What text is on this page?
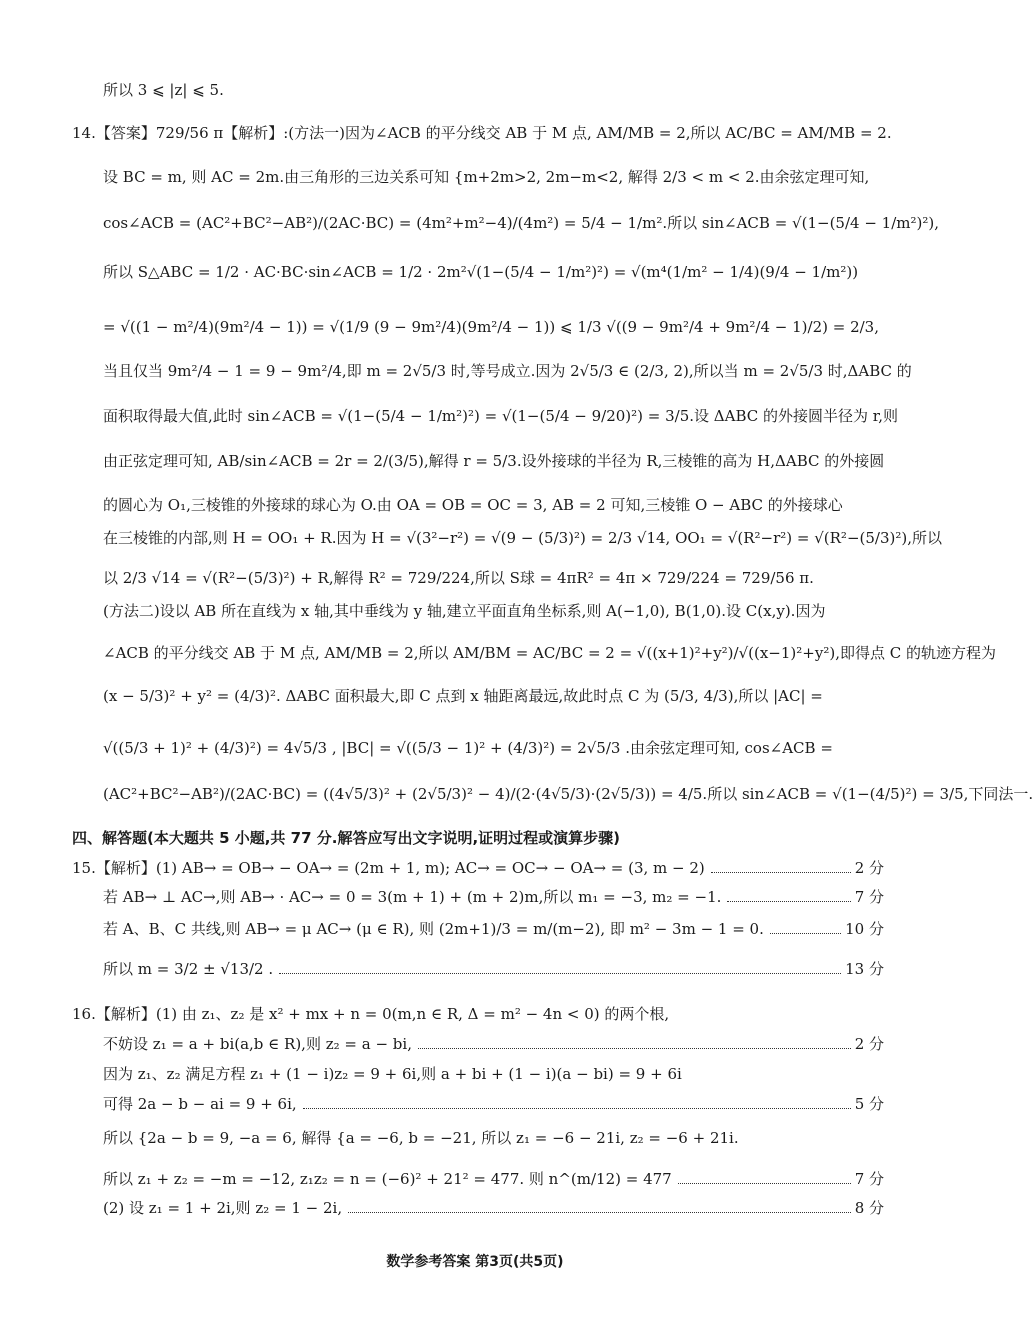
所以 3 ⩽ |z| ⩽ 5.
14.【答案】729/56 π【解析】:(方法一)因为∠ACB 的平分线交 AB 于 M 点, AM/MB = 2,所以 AC/BC = AM/MB = 2.
设 BC = m, 则 AC = 2m.由三角形的三边关系可知 {m+2m>2, 2m−m<2, 解得 2/3 < m < 2.由余弦定理可知,
cos∠ACB = (AC²+BC²−AB²)/(2AC·BC) = (4m²+m²−4)/(4m²) = 5/4 − 1/m².所以 sin∠ACB = √(1−(5/4 − 1/m²)²),
所以 S△ABC = 1/2 · AC·BC·sin∠ACB = 1/2 · 2m²√(1−(5/4 − 1/m²)²) = √(m⁴(1/m² − 1/4)(9/4 − 1/m²))
= √((1 − m²/4)(9m²/4 − 1)) = √(1/9 (9 − 9m²/4)(9m²/4 − 1)) ⩽ 1/3 √((9 − 9m²/4 + 9m²/4 − 1)/2) = 2/3,
当且仅当 9m²/4 − 1 = 9 − 9m²/4,即 m = 2√5/3 时,等号成立.因为 2√5/3 ∈ (2/3, 2),所以当 m = 2√5/3 时,ΔABC 的
面积取得最大值,此时 sin∠ACB = √(1−(5/4 − 1/m²)²) = √(1−(5/4 − 9/20)²) = 3/5.设 ΔABC 的外接圆半径为 r,则
由正弦定理可知, AB/sin∠ACB = 2r = 2/(3/5),解得 r = 5/3.设外接球的半径为 R,三棱锥的高为 H,ΔABC 的外接圆
的圆心为 O₁,三棱锥的外接球的球心为 O.由 OA = OB = OC = 3, AB = 2 可知,三棱锥 O − ABC 的外接球心
在三棱锥的内部,则 H = OO₁ + R.因为 H = √(3²−r²) = √(9 − (5/3)²) = 2/3 √14, OO₁ = √(R²−r²) = √(R²−(5/3)²),所以
以 2/3 √14 = √(R²−(5/3)²) + R,解得 R² = 729/224,所以 S球 = 4πR² = 4π × 729/224 = 729/56 π.
(方法二)设以 AB 所在直线为 x 轴,其中垂线为 y 轴,建立平面直角坐标系,则 A(−1,0), B(1,0).设 C(x,y).因为
∠ACB 的平分线交 AB 于 M 点, AM/MB = 2,所以 AM/BM = AC/BC = 2 = √((x+1)²+y²)/√((x−1)²+y²),即得点 C 的轨迹方程为
(x − 5/3)² + y² = (4/3)². ΔABC 面积最大,即 C 点到 x 轴距离最远,故此时点 C 为 (5/3, 4/3),所以 |AC| =
√((5/3 + 1)² + (4/3)²) = 4√5/3 , |BC| = √((5/3 − 1)² + (4/3)²) = 2√5/3 .由余弦定理可知, cos∠ACB =
(AC²+BC²−AB²)/(2AC·BC) = ((4√5/3)² + (2√5/3)² − 4)/(2·(4√5/3)·(2√5/3)) = 4/5.所以 sin∠ACB = √(1−(4/5)²) = 3/5,下同法一.
16.【解析】(1) 由 z₁、z₂ 是 x² + mx + n = 0(m,n ∈ R, Δ = m² − 4n < 0) 的两个根,
因为 z₁、z₂ 满足方程 z₁ + (1 − i)z₂ = 9 + 6i,则 a + bi + (1 − i)(a − bi) = 9 + 6i
所以 {2a − b = 9, −a = 6, 解得 {a = −6, b = −21, 所以 z₁ = −6 − 21i, z₂ = −6 + 21i.
四、解答题(本大题共 5 小题,共 77 分.解答应写出文字说明,证明过程或演算步骤)
15.【解析】(1) AB→ = OB→ − OA→ = (2m + 1, m); AC→ = OC→ − OA→ = (3, m − 2)	2 分
若 AB→ ⊥ AC→,则 AB→ · AC→ = 0 = 3(m + 1) + (m + 2)m,所以 m₁ = −3, m₂ = −1.	7 分
若 A、B、C 共线,则 AB→ = μ AC→ (μ ∈ R), 则 (2m+1)/3 = m/(m−2), 即 m² − 3m − 1 = 0.	10 分
所以 m = 3/2 ± √13/2 .	13 分
不妨设 z₁ = a + bi(a,b ∈ R),则 z₂ = a − bi,	2 分
可得 2a − b − ai = 9 + 6i,	5 分
所以 z₁ + z₂ = −m = −12, z₁z₂ = n = (−6)² + 21² = 477. 则 n^(m/12) = 477	7 分
(2) 设 z₁ = 1 + 2i,则 z₂ = 1 − 2i,	8 分
数学参考答案 第3页(共5页)
